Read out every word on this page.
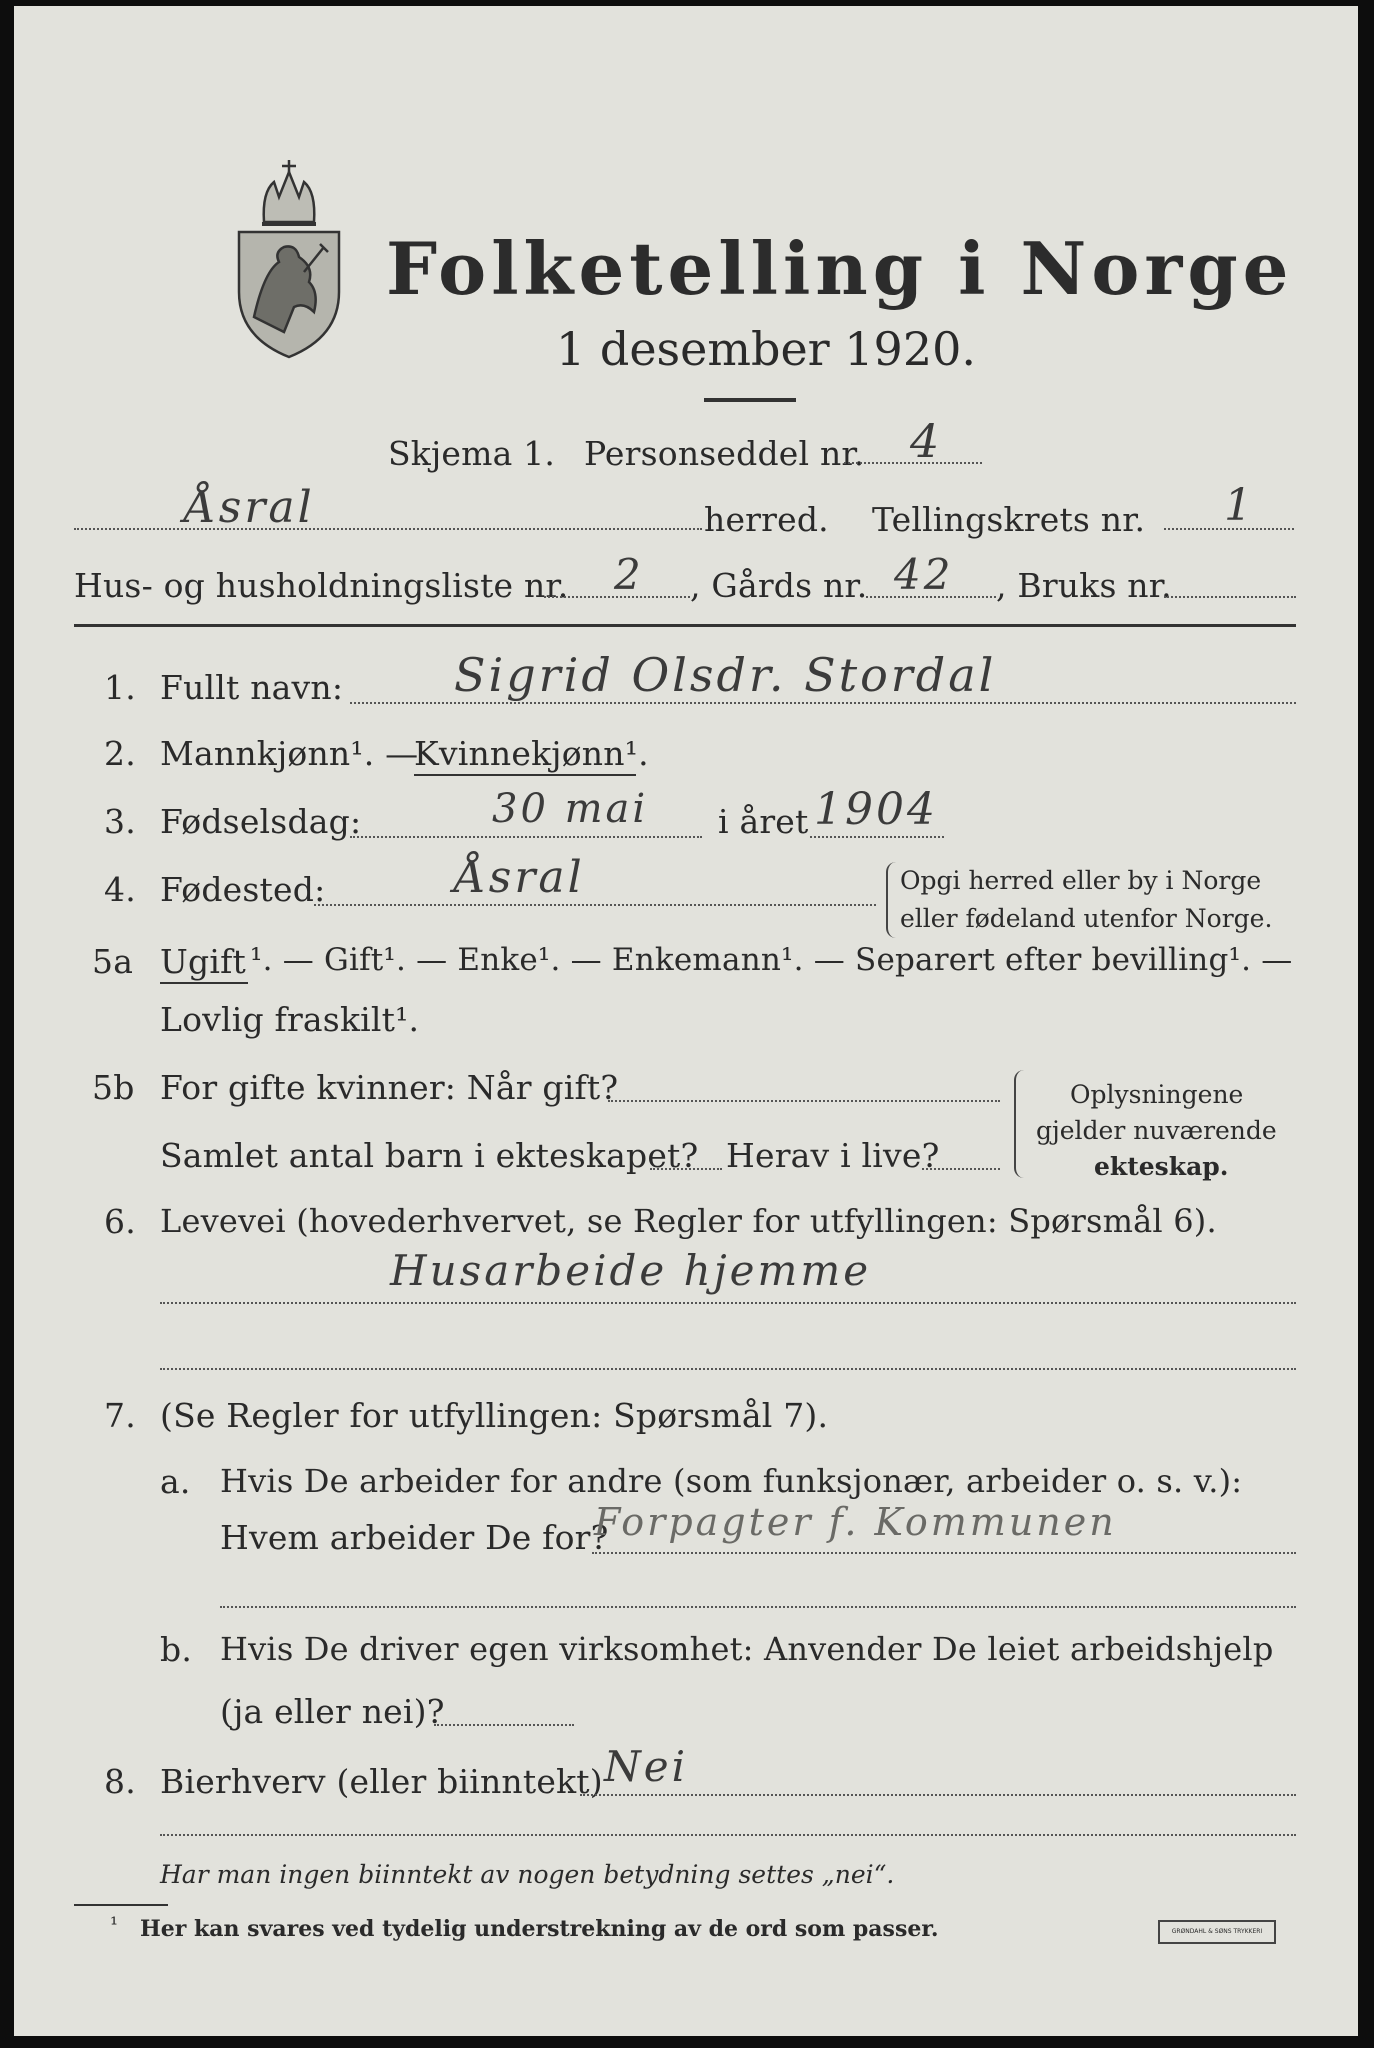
Folketelling i Norge
1 desember 1920.
Skjema 1. Personseddel nr. 4
Åsral	herred. Tellingskrets nr. 1
Hus- og husholdningsliste nr. 2 , Gårds nr. 42 , Bruks nr.
1. Fullt navn: Sigrid Olsdr. Stordal
2. Mannkjønn¹. —
Kvinnekjønn¹.
3. Fødselsdag:	30 mai i året 1904
4. Fødested:	Åsral	Opgi herred eller by i Norge
eller fødeland utenfor Norge.
5a Ugift ¹. — Gift¹. — Enke¹. — Enkemann¹. — Separert efter bevilling¹. —
Lovlig fraskilt¹.
5b For gifte kvinner: Når gift?
Samlet antal barn i ekteskapet? Herav i live?
Oplysningene
gjelder nuværende
ekteskap.
6. Levevei (hovederhvervet, se Regler for utfyllingen: Spørsmål 6).
Husarbeide hjemme
7. (Se Regler for utfyllingen: Spørsmål 7).
a. Hvis De arbeider for andre (som funksjonær, arbeider o. s. v.):
Hvem arbeider De for?
Forpagter f. Kommunen
b. Hvis De driver egen virksomhet: Anvender De leiet arbeidshjelp
(ja eller nei)?
8. Bierhverv (eller biinntekt) Nei
Har man ingen biinntekt av nogen betydning settes „nei“.
¹ Her kan svares ved tydelig understrekning av de ord som passer.	GRØNDAHL & SØNS TRYKKERI
